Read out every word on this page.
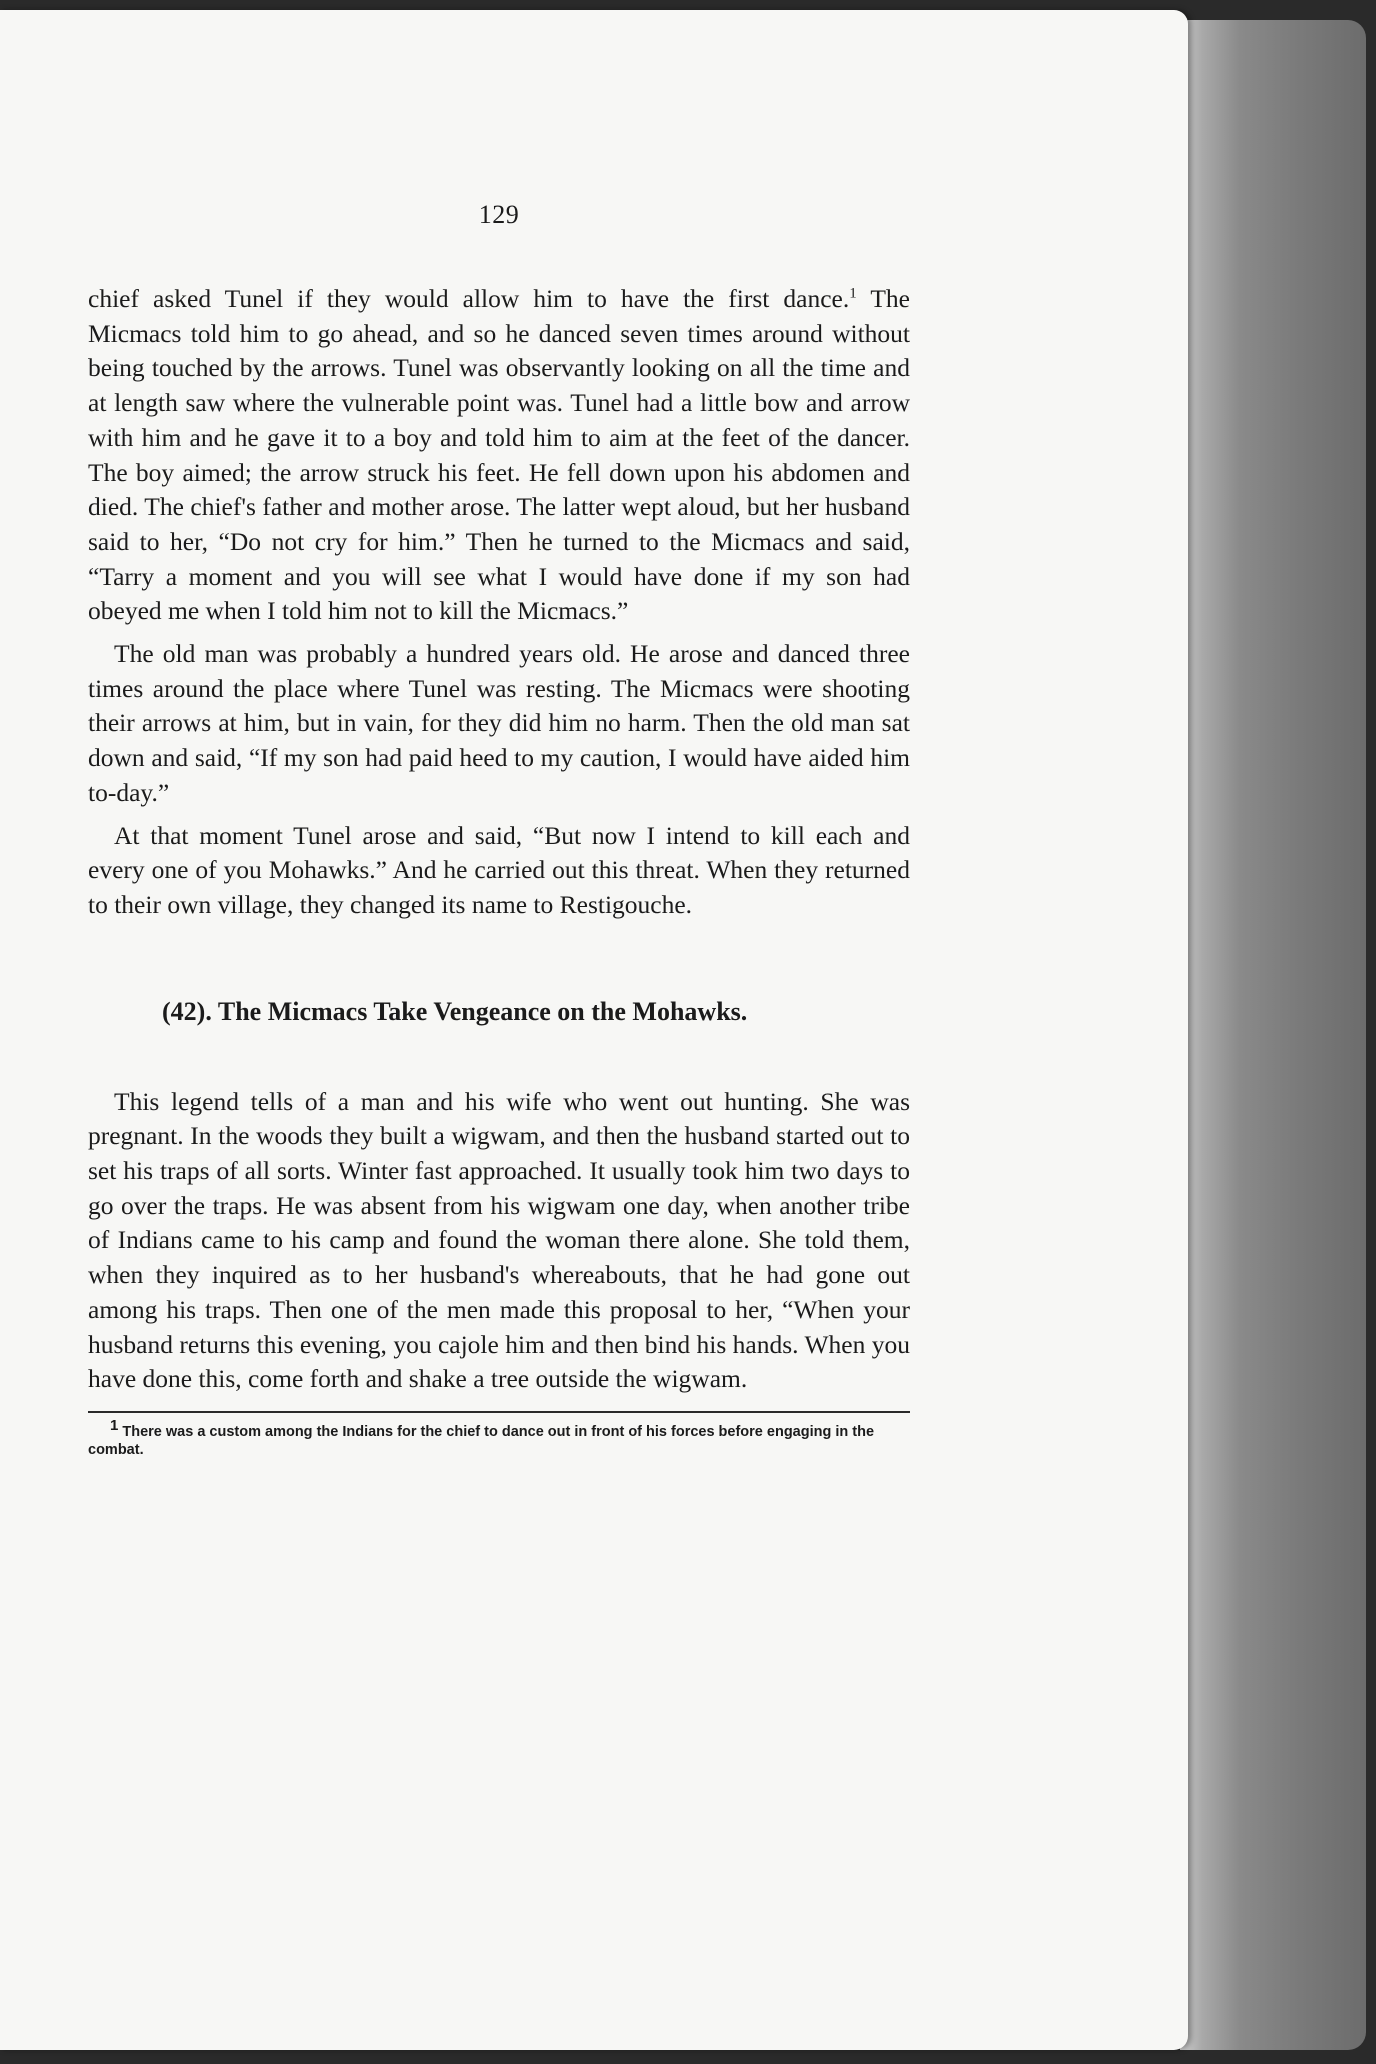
129

chief asked Tunel if they would allow him to have the first dance.$^1$ The Micmacs told him to go ahead, and so he danced seven times around without being touched by the arrows. Tunel was observantly looking on all the time and at length saw where the vulnerable point was. Tunel had a little bow and arrow with him and he gave it to a boy and told him to aim at the feet of the dancer. The boy aimed; the arrow struck his feet. He fell down upon his abdomen and died. The chief's father and mother arose. The latter wept aloud, but her husband said to her, “Do not cry for him.” Then he turned to the Micmacs and said, “Tarry a moment and you will see what I would have done if my son had obeyed me when I told him not to kill the Micmacs.”

The old man was probably a hundred years old. He arose and danced three times around the place where Tunel was resting. The Micmacs were shooting their arrows at him, but in vain, for they did him no harm. Then the old man sat down and said, “If my son had paid heed to my caution, I would have aided him to-day.”

At that moment Tunel arose and said, “But now I intend to kill each and every one of you Mohawks.” And he carried out this threat. When they returned to their own village, they changed its name to Restigouche.

(42). The Micmacs Take Vengeance on the Mohawks.

This legend tells of a man and his wife who went out hunting. She was pregnant. In the woods they built a wigwam, and then the husband started out to set his traps of all sorts. Winter fast approached. It usually took him two days to go over the traps. He was absent from his wigwam one day, when another tribe of Indians came to his camp and found the woman there alone. She told them, when they inquired as to her husband's whereabouts, that he had gone out among his traps. Then one of the men made this proposal to her, “When your husband returns this evening, you cajole him and then bind his hands. When you have done this, come forth and shake a tree outside the wigwam.

$^1$ There was a custom among the Indians for the chief to dance out in front of his forces before engaging in the combat.
